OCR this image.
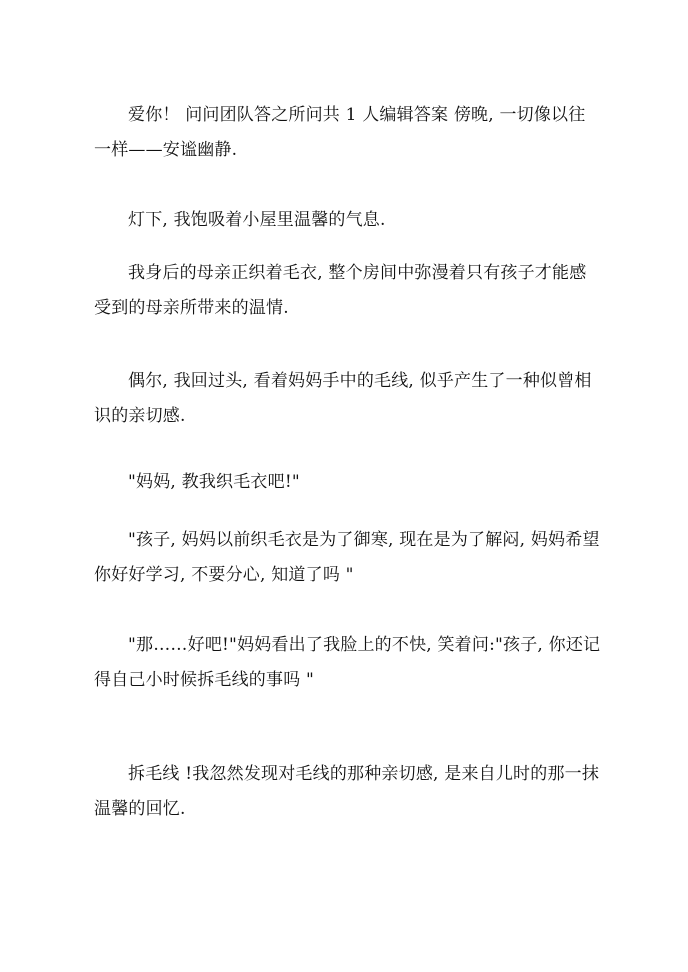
爱你！ 问问团队答之所问共 1 人编辑答案 傍晚, 一切像以往一样——安谧幽静.

灯下, 我饱吸着小屋里温馨的气息.

我身后的母亲正织着毛衣, 整个房间中弥漫着只有孩子才能感受到的母亲所带来的温情.

偶尔, 我回过头, 看着妈妈手中的毛线, 似乎产生了一种似曾相识的亲切感.

"妈妈, 教我织毛衣吧!"

"孩子, 妈妈以前织毛衣是为了御寒, 现在是为了解闷, 妈妈希望你好好学习, 不要分心, 知道了吗 "

"那……好吧!"妈妈看出了我脸上的不快, 笑着问:"孩子, 你还记得自己小时候拆毛线的事吗 "

拆毛线 !我忽然发现对毛线的那种亲切感, 是来自儿时的那一抹温馨的回忆.
